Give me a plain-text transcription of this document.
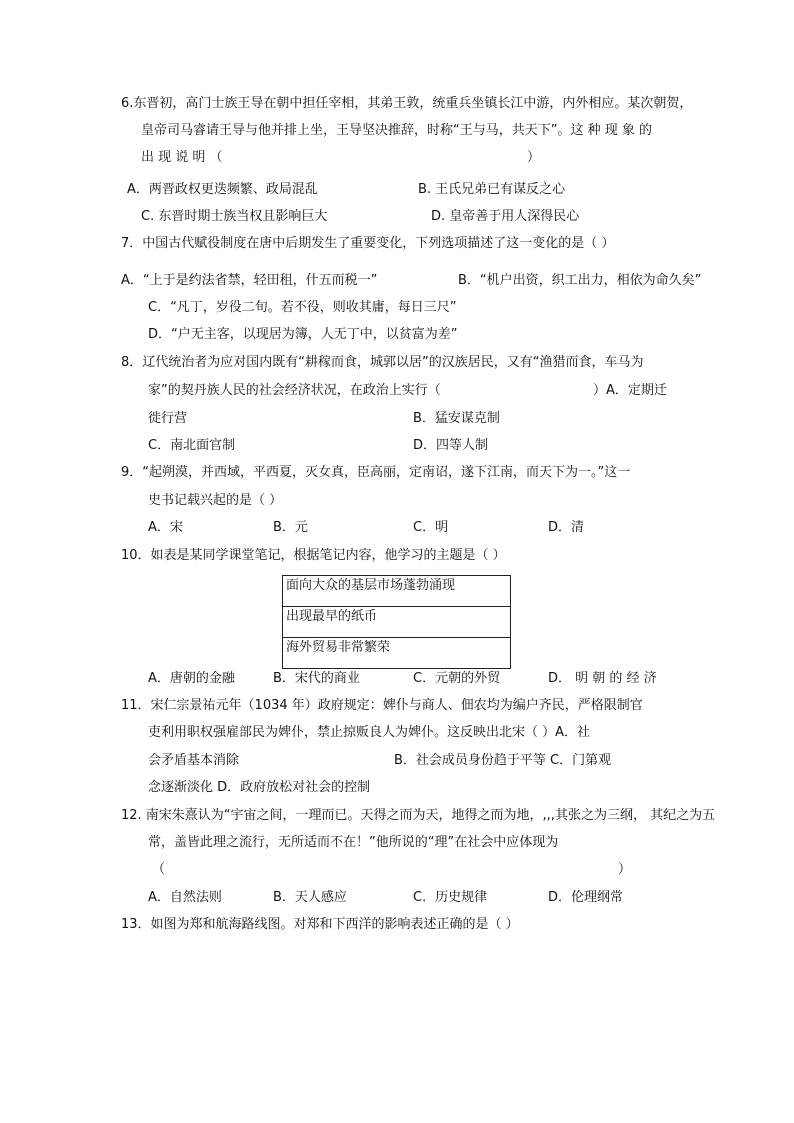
6.东晋初，高门士族王导在朝中担任宰相，其弟王敦，统重兵坐镇长江中游，内外相应。某次朝贺，
皇帝司马睿请王导与他并排上坐，王导坚决推辞，时称“王与马，共天下”。这 种 现 象 的
出 现 说 明 （	）
A．两晋政权更迭频繁、政局混乱	B. 王氏兄弟已有谋反之心
C. 东晋时期士族当权且影响巨大	D. 皇帝善于用人深得民心
7．中国古代赋役制度在唐中后期发生了重要变化，下列选项描述了这一变化的是（ ）
A．“上于是约法省禁，轻田租，什五而税一”	B．“机户出资，织工出力，相依为命久矣”
C．“凡丁，岁役二旬。若不役，则收其庸，每日三尺”
D．“户无主客，以现居为簿，人无丁中，以贫富为差”
8．辽代统治者为应对国内既有“耕稼而食，城郭以居”的汉族居民，又有“渔猎而食，车马为
家”的契丹族人民的社会经济状况，在政治上实行（	）A．定期迁
徙行营	B．猛安谋克制
C．南北面官制	D．四等人制
9．“起朔漠，并西域，平西夏，灭女真，臣高丽，定南诏，遂下江南，而天下为一。”这一
史书记载兴起的是（ ）
A．宋	B．元	C．明	D．清
10．如表是某同学课堂笔记，根据笔记内容，他学习的主题是（ ）
面向大众的基层市场蓬勃涌现
出现最早的纸币
海外贸易非常繁荣
A．唐朝的金融	B．宋代的商业	C．元朝的外贸	D． 明 朝 的 经 济
11．宋仁宗景祐元年（1034 年）政府规定：婢仆与商人、佃农均为编户齐民，严格限制官
吏利用职权强雇部民为婢仆，禁止掠贩良人为婢仆。这反映出北宋（ ）A．社
会矛盾基本消除	B．社会成员身份趋于平等 C．门第观
念逐渐淡化 D．政府放松对社会的控制
12. 南宋朱熹认为“宇宙之间，一理而已。天得之而为天，地得之而为地，,,,其张之为三纲， 其纪之为五
常，盖皆此理之流行，无所适而不在！”他所说的“理”在社会中应体现为
（	）
A．自然法则	B．天人感应	C．历史规律	D．伦理纲常
13．如图为郑和航海路线图。对郑和下西洋的影响表述正确的是（ ）
